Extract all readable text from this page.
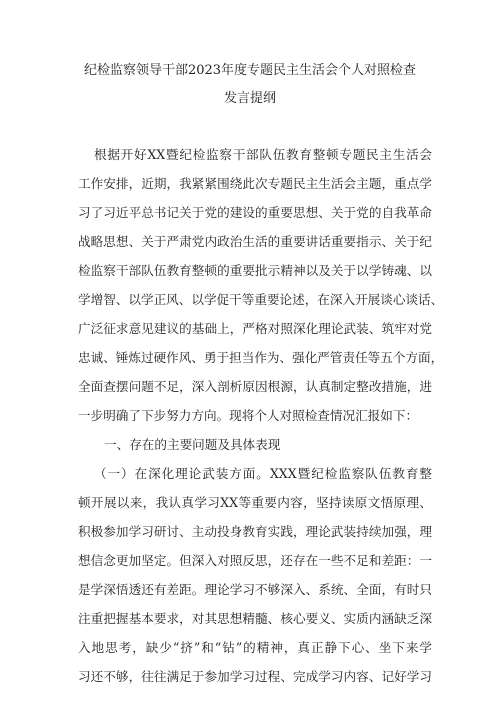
纪检监察领导干部2023年度专题民主生活会个人对照检查
发言提纲
根据开好XX暨纪检监察干部队伍教育整顿专题民主生活会
工作安排，近期，我紧紧围绕此次专题民主生活会主题，重点学
习了习近平总书记关于党的建设的重要思想、关于党的自我革命
战略思想、关于严肃党内政治生活的重要讲话重要指示、关于纪
检监察干部队伍教育整顿的重要批示精神以及关于以学铸魂、以
学增智、以学正风、以学促干等重要论述，在深入开展谈心谈话、
广泛征求意见建议的基础上，严格对照深化理论武装、筑牢对党
忠诚、锤炼过硬作风、勇于担当作为、强化严管责任等五个方面，
全面查摆问题不足，深入剖析原因根源，认真制定整改措施，进
一步明确了下步努力方向。现将个人对照检查情况汇报如下：
一、存在的主要问题及具体表现
（一）在深化理论武装方面。XXX暨纪检监察队伍教育整
顿开展以来，我认真学习XX等重要内容，坚持读原文悟原理、
积极参加学习研讨、主动投身教育实践，理论武装持续加强，理
想信念更加坚定。但深入对照反思，还存在一些不足和差距：一
是学深悟透还有差距。理论学习不够深入、系统、全面，有时只
注重把握基本要求，对其思想精髓、核心要义、实质内涵缺乏深
入地思考，缺少“挤”和“钻”的精神，真正静下心、坐下来学
习还不够，往往满足于参加学习过程、完成学习内容、记好学习
